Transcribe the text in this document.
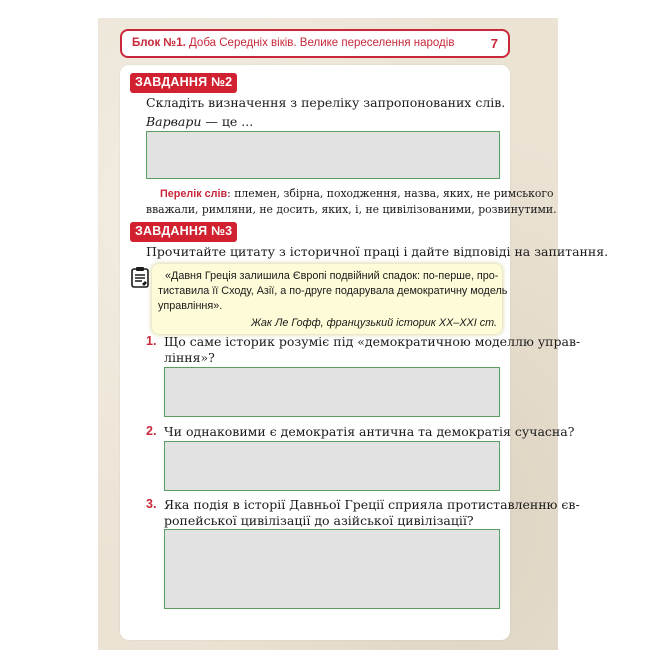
Блок №1. Доба Середніх віків. Велике переселення народів	7
ЗАВДАННЯ №2
Складіть визначення з переліку запропонованих слів.
Варвари — це ...
Перелік слів: племен, збірна, походження, назва, яких, не римського
вважали, римляни, не досить, яких, і, не цивілізованими, розвинутими.
ЗАВДАННЯ №3
Прочитайте цитату з історичної праці і дайте відповіді на запитання.
«Давня Греція залишила Європі подвійний спадок: по-перше, про-
тиставила її Сходу, Азії, а по-друге подарувала демократичну модель
управління».
Жак Ле Гофф, французький історик XX–XXI ст.
1. Що саме історик розуміє під «демократичною моделлю управ-
ління»?
2. Чи однаковими є демократія антична та демократія сучасна?
3. Яка подія в історії Давньої Греції сприяла протиставленню єв-
ропейської цивілізації до азійської цивілізації?
